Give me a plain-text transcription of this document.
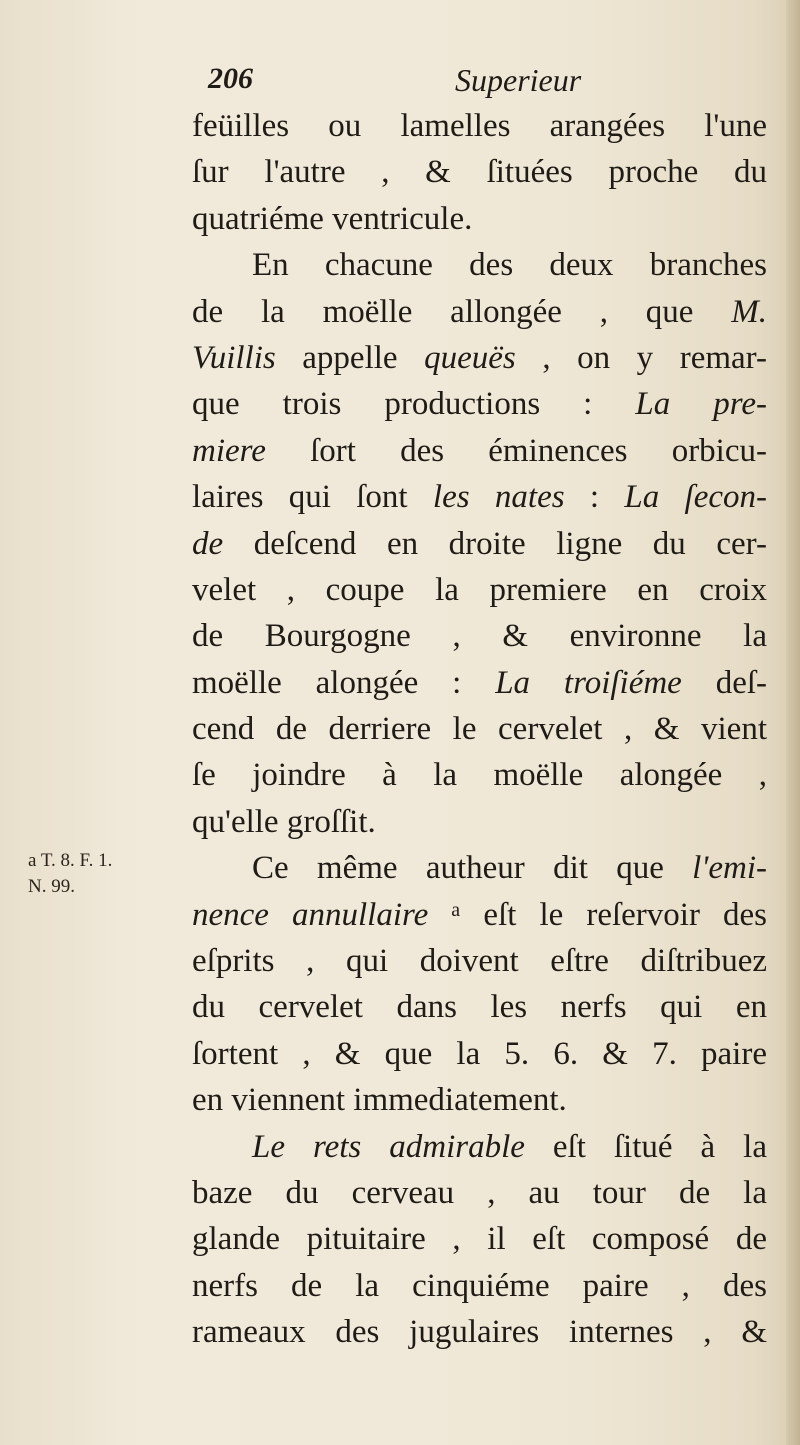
206	Superieur
a T. 8. F. 1.
N. 99.
feüilles ou lamelles arangées l'une
ſur l'autre , & ſituées proche du
quatriéme ventricule.
En chacune des deux branches
de la moëlle allongée , que M.
Vuillis appelle queuës , on y remar-
que trois productions : La pre-
miere ſort des éminences orbicu-
laires qui ſont les nates : La ſecon-
de deſcend en droite ligne du cer-
velet , coupe la premiere en croix
de Bourgogne , & environne la
moëlle alongée : La troiſiéme deſ-
cend de derriere le cervelet , & vient
ſe joindre à la moëlle alongée ,
qu'elle groſſit.
Ce même autheur dit que l'emi-
nence annullaire ᵃ eſt le reſervoir des
eſprits , qui doivent eſtre diſtribuez
du cervelet dans les nerfs qui en
ſortent , & que la 5. 6. & 7. paire
en viennent immediatement.
Le rets admirable eſt ſitué à la
baze du cerveau , au tour de la
glande pituitaire , il eſt composé de
nerfs de la cinquiéme paire , des
rameaux des jugulaires internes , &
